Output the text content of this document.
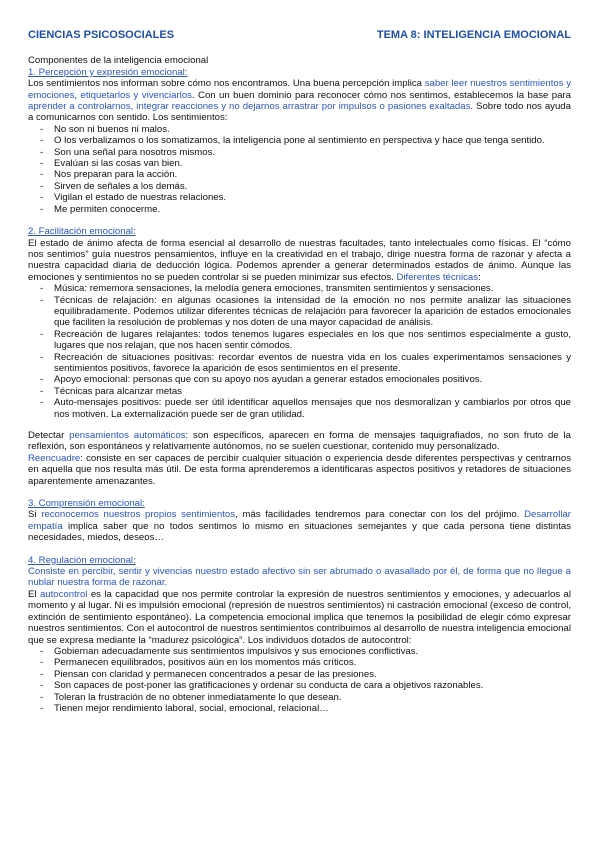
CIENCIAS PSICOSOCIALES	TEMA 8: INTELIGENCIA EMOCIONAL
Componentes de la inteligencia emocional
1. Percepción y expresión emocional:

Los sentimientos nos informan sobre cómo nos encontramos. Una buena percepción implica saber leer nuestros sentimientos y emociones, etiquetarlos y vivenciarlos. Con un buen dominio para reconocer cómo nos sentimos, establecemos la base para aprender a controlarnos, integrar reacciones y no dejarnos arrastrar por impulsos o pasiones exaltadas. Sobre todo nos ayuda a comunicarnos con sentido. Los sentimientos:

- No son ni buenos ni malos.
- O los verbalizamos o los somatizamos, la inteligencia pone al sentimiento en perspectiva y hace que tenga sentido.
- Son una señal para nosotros mismos.
- Evalúan si las cosas van bien.
- Nos preparan para la acción.
- Sirven de señales a los demás.
- Vigilan el estado de nuestras relaciones.
- Me permiten conocerme.
2. Facilitación emocional:

El estado de ánimo afecta de forma esencial al desarrollo de nuestras facultades, tanto intelectuales como físicas. El “cómo nos sentimos” guía nuestros pensamientos, influye en la creatividad en el trabajo, dirige nuestra forma de razonar y afecta a nuestra capacidad diaria de deducción lógica. Podemos aprender a generar determinados estados de ánimo. Aunque las emociones y sentimientos no se pueden controlar si se pueden minimizar sus efectos. Diferentes técnicas:

- Música: rememora sensaciones, la melodía genera emociones, transmiten sentimientos y sensaciones.
- Técnicas de relajación: en algunas ocasiones la intensidad de la emoción no nos permite analizar las situaciones equilibradamente. Podemos utilizar diferentes técnicas de relajación para favorecer la aparición de estados emocionales que faciliten la resolución de problemas y nos doten de una mayor capacidad de análisis.
- Recreación de lugares relajantes: todos tenemos lugares especiales en los que nos sentimos especialmente a gusto, lugares que nos relajan, que nos hacen sentir cómodos.
- Recreación de situaciones positivas: recordar eventos de nuestra vida en los cuales experimentamos sensaciones y sentimientos positivos, favorece la aparición de esos sentimientos en el presente.
- Apoyo emocional: personas que con su apoyo nos ayudan a generar estados emocionales positivos.
- Técnicas para alcanzar metas
- Auto-mensajes positivos: puede ser útil identificar aquellos mensajes que nos desmoralizan y cambiarlos por otros que nos motiven. La externalización puede ser de gran utilidad.

Detectar pensamientos automáticos: son específicos, aparecen en forma de mensajes taquigrafiados, no son fruto de la reflexión, son espontáneos y relativamente autónomos, no se suelen cuestionar, contenido muy personalizado.

Reencuadre: consiste en ser capaces de percibir cualquier situación o experiencia desde diferentes perspectivas y centrarnos en aquella que nos resulta más útil. De esta forma aprenderemos a identificaras aspectos positivos y retadores de situaciones aparentemente amenazantes.

3. Comprensión emocional:

Si reconocemos nuestros propios sentimientos, más facilidades tendremos para conectar con los del prójimo. Desarrollar empatía implica saber que no todos sentimos lo mismo en situaciones semejantes y que cada persona tiene distintas necesidades, miedos, deseos…

4. Regulación emocional:

Consiste en percibir, sentir y vivencias nuestro estado afectivo sin ser abrumado o avasallado por él, de forma que no llegue a nublar nuestra forma de razonar.

El autocontrol es la capacidad que nos permite controlar la expresión de nuestros sentimientos y emociones, y adecuarlos al momento y al lugar. Ni es impulsión emocional (represión de nuestros sentimientos) ni castración emocional (exceso de control, extinción de sentimiento espontáneo). La competencia emocional implica que tenemos la posibilidad de elegir cómo expresar nuestros sentimientos. Con el autocontrol de nuestros sentimientos contribuimos al desarrollo de nuestra inteligencia emocional que se expresa mediante la “madurez psicológica”. Los individuos dotados de autocontrol:

- Gobiernan adecuadamente sus sentimientos impulsivos y sus emociones conflictivas.
- Permanecen equilibrados, positivos aún en los momentos más críticos.
- Piensan con claridad y permanecen concentrados a pesar de las presiones.
- Son capaces de post-poner las gratificaciones y ordenar su conducta de cara a objetivos razonables.
- Toleran la frustración de no obtener inmediatamente lo que desean.
- Tienen mejor rendimiento laboral, social, emocional, relacional…
